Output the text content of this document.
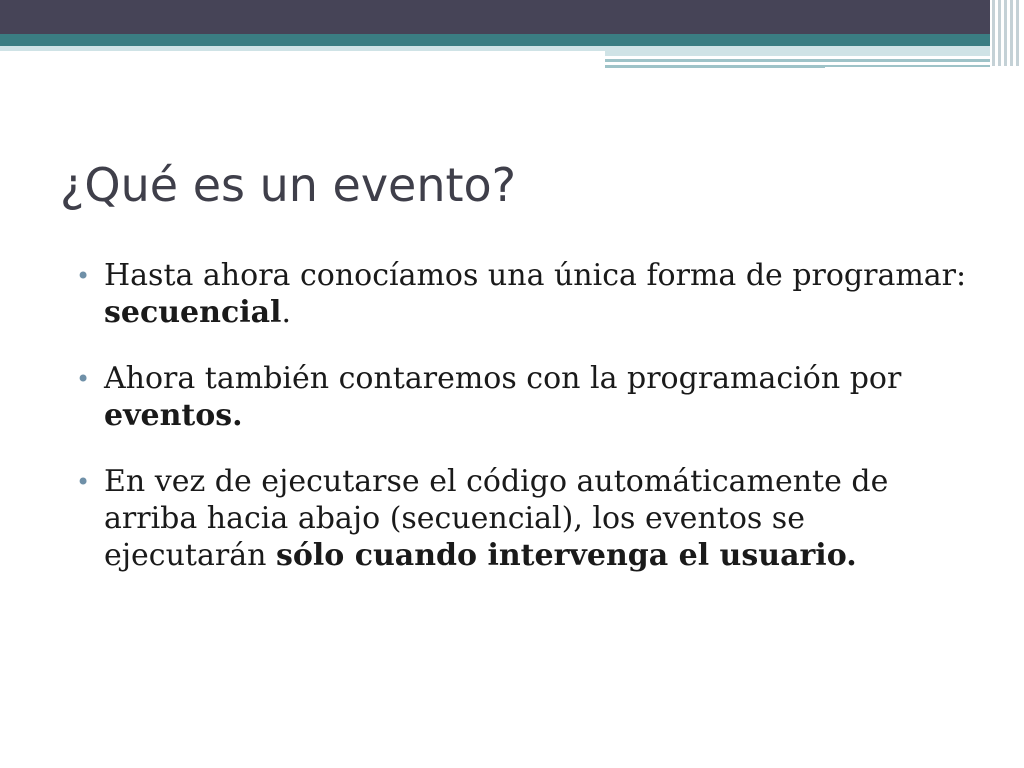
¿Qué es un evento?
• Hasta ahora conocíamos una única forma de programar: secuencial.
• Ahora también contaremos con la programación por eventos.
• En vez de ejecutarse el código automáticamente de arriba hacia abajo (secuencial), los eventos se ejecutarán sólo cuando intervenga el usuario.
